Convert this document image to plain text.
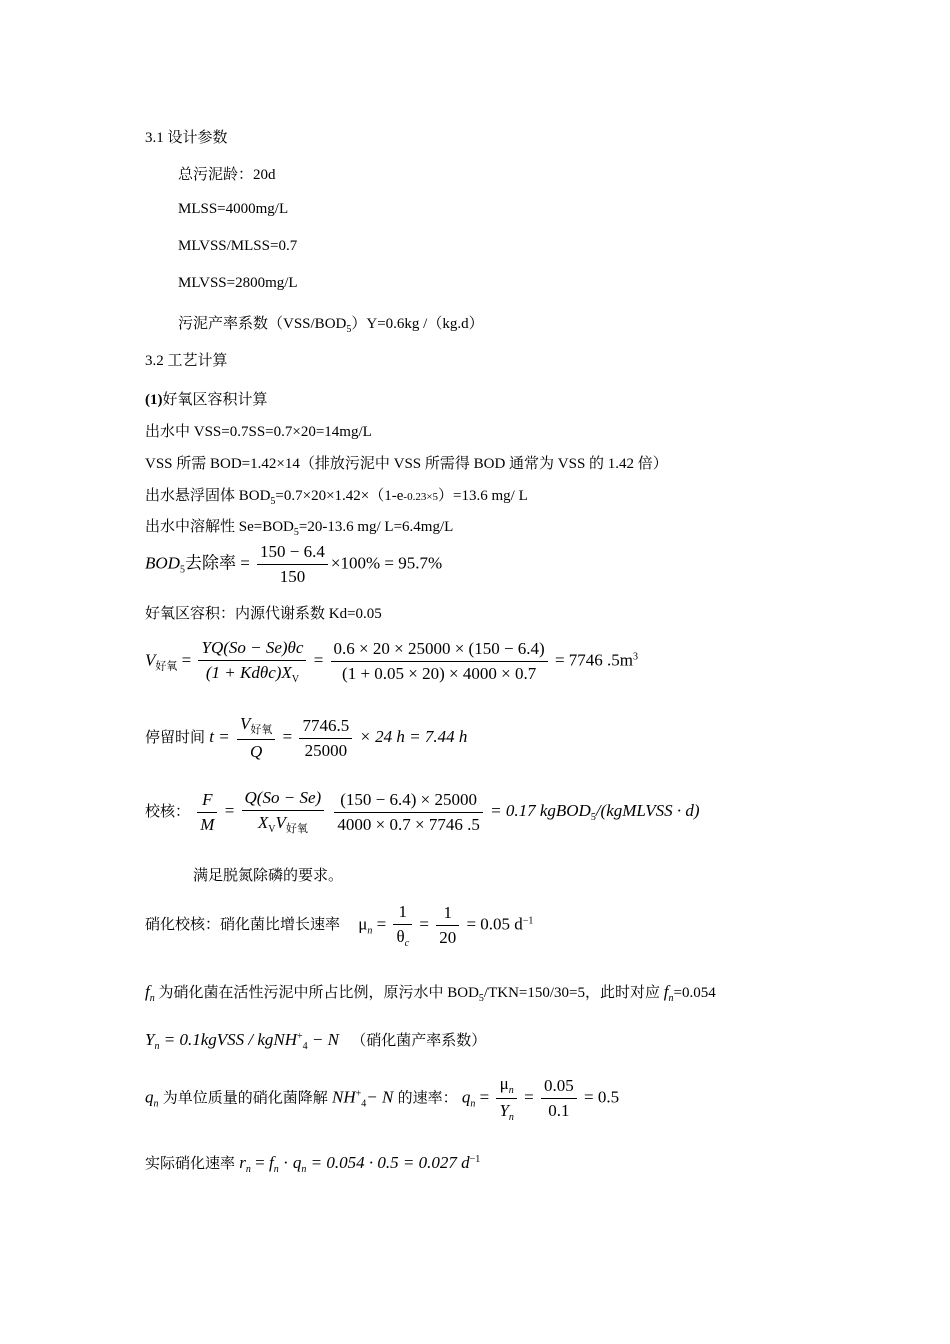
3.1 设计参数
总污泥龄：20d
MLSS=4000mg/L
MLVSS/MLSS=0.7
MLVSS=2800mg/L
污泥产率系数$(VSS/BOD_5)Y=0.6kg$ /（kg.d）
3.2 工艺计算
(1)好氧区容积计算
出水中 VSS=0.7SS=0.7×20=14mg/L
VSS 所需 BOD=1.42×14（排放污泥中 VSS 所需得 BOD 通常为 VSS 的 1.42 倍）
出水悬浮固体 $BOD_5=0.7\times 20\times 1.42\times(1-e-0.23\times 5)=13.6$ mg/ L
出水中溶解性 $Se=BOD_5=20-13.6$ mg/ L=6.4mg/L
$BOD_5$去除率 = $\frac{150 - 6.4}{150} \times 100\% = 95.7\%$
好氧区容积：内源代谢系数 Kd=0.05
$V_{好氧} = \frac{YQ(So - Se)\theta c}{(1 + Kd\theta c)X_V} = \frac{0.6 \times 20 \times 25000 \times (150 - 6.4)}{(1 + 0.05 \times 20) \times 4000 \times 0.7} = 7746$ $.5m^3$
停留时间 $t = \frac{V_{好氧}}{Q} = \frac{7746.5}{25000} \times 24$ h = 7.44 h
校核： $\frac{F}{M} = \frac{Q(So - Se)}{X_VV_{好氧}}$
$\frac{(150 - 6.4) \times 25000}{4000 \times 0.7 \times 7746 .5} = 0.17$ kgBOD$_5$/(kgMLVSS · d)
满足脱氮除磷的要求。
硝化校核：硝化菌比增长速率 $\mu_n = \frac{1}{\theta_c} = \frac{1}{20} = 0.05$ $d^{-1}$
$f_n$ 为硝化菌在活性污泥中所占比例，原污水中 $BOD_5/TKN=150/30=5$，此时对应 $f_n=0.054$
$Y_n$ = 0.1kgVSS / kgNH+$_4$ − N （硝化菌产率系数）
$q_n$ 为单位质量的硝化菌降解 $NH^+_4- N$ 的速率： $q_n = \frac{\mu_n}{Y_n} = \frac{0.05}{0.1} = 0.5$
实际硝化速率 $r_n = f_n \cdot q_n = 0.054 \cdot 0.5 = 0.027$ $d^{-1}$
